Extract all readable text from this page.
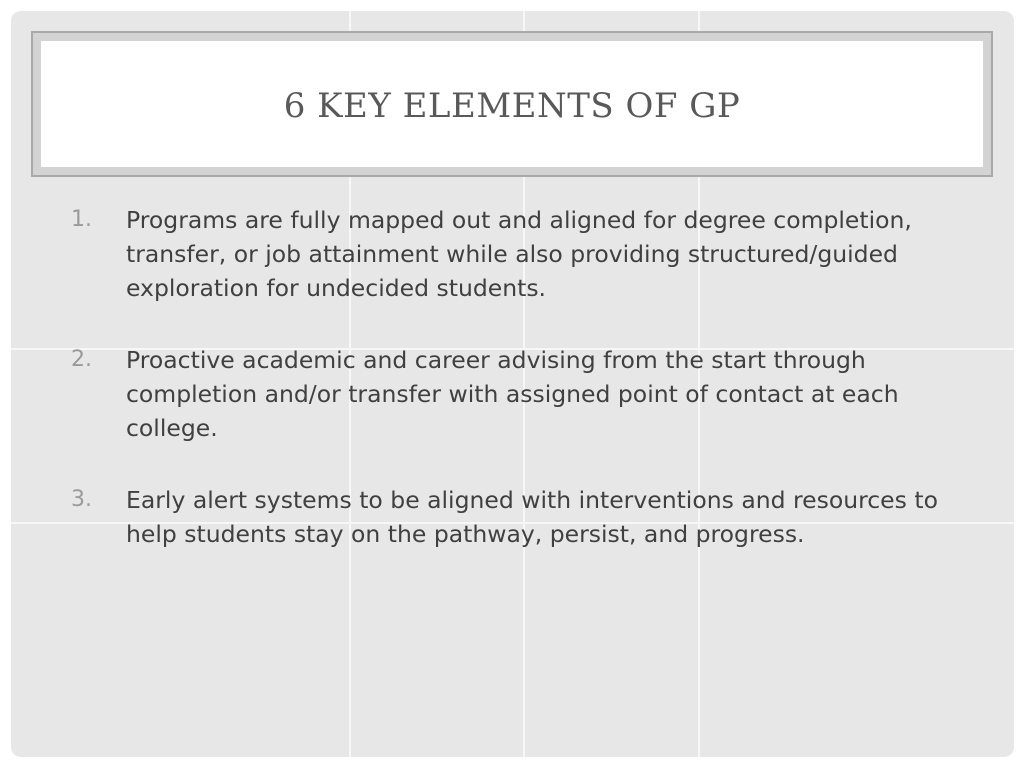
6 KEY ELEMENTS OF GP
1. Programs are fully mapped out and aligned for degree completion, transfer, or job attainment while also providing structured/guided exploration for undecided students.
2. Proactive academic and career advising from the start through completion and/or transfer with assigned point of contact at each college.
3. Early alert systems to be aligned with interventions and resources to help students stay on the pathway, persist, and progress.
